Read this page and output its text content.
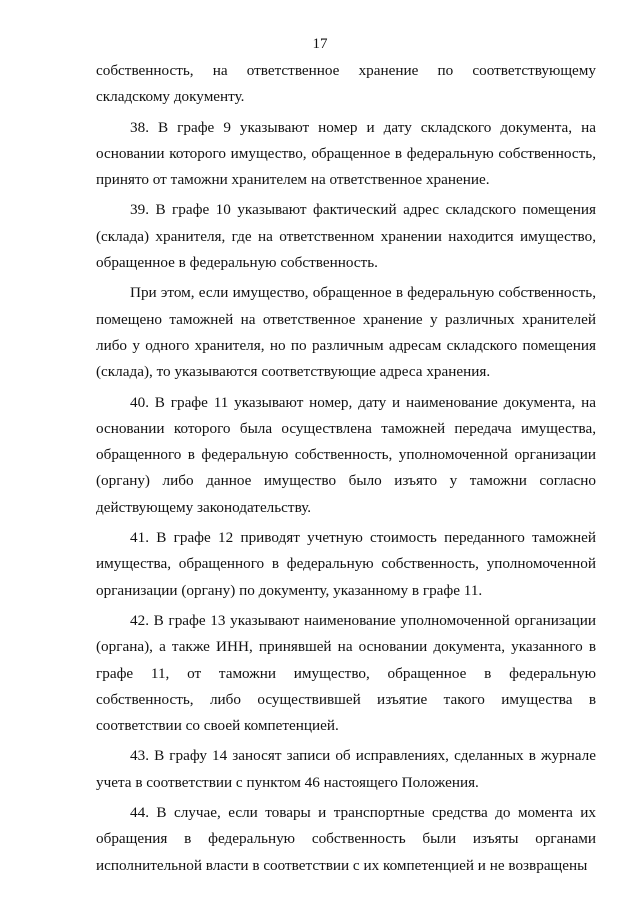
17

собственность, на ответственное хранение по соответствующему складскому документу.

38. В графе 9 указывают номер и дату складского документа, на основании которого имущество, обращенное в федеральную собственность, принято от таможни хранителем на ответственное хранение.

39. В графе 10 указывают фактический адрес складского помещения (склада) хранителя, где на ответственном хранении находится имущество, обращенное в федеральную собственность.

При этом, если имущество, обращенное в федеральную собственность, помещено таможней на ответственное хранение у различных хранителей либо у одного хранителя, но по различным адресам складского помещения (склада), то указываются соответствующие адреса хранения.

40. В графе 11 указывают номер, дату и наименование документа, на основании которого была осуществлена таможней передача имущества, обращенного в федеральную собственность, уполномоченной организации (органу) либо данное имущество было изъято у таможни согласно действующему законодательству.

41. В графе 12 приводят учетную стоимость переданного таможней имущества, обращенного в федеральную собственность, уполномоченной организации (органу) по документу, указанному в графе 11.

42. В графе 13 указывают наименование уполномоченной организации (органа), а также ИНН, принявшей на основании документа, указанного в графе 11, от таможни имущество, обращенное в федеральную собственность, либо осуществившей изъятие такого имущества в соответствии со своей компетенцией.

43. В графу 14 заносят записи об исправлениях, сделанных в журнале учета в соответствии с пунктом 46 настоящего Положения.

44. В случае, если товары и транспортные средства до момента их обращения в федеральную собственность были изъяты органами исполнительной власти в соответствии с их компетенцией и не возвращены
